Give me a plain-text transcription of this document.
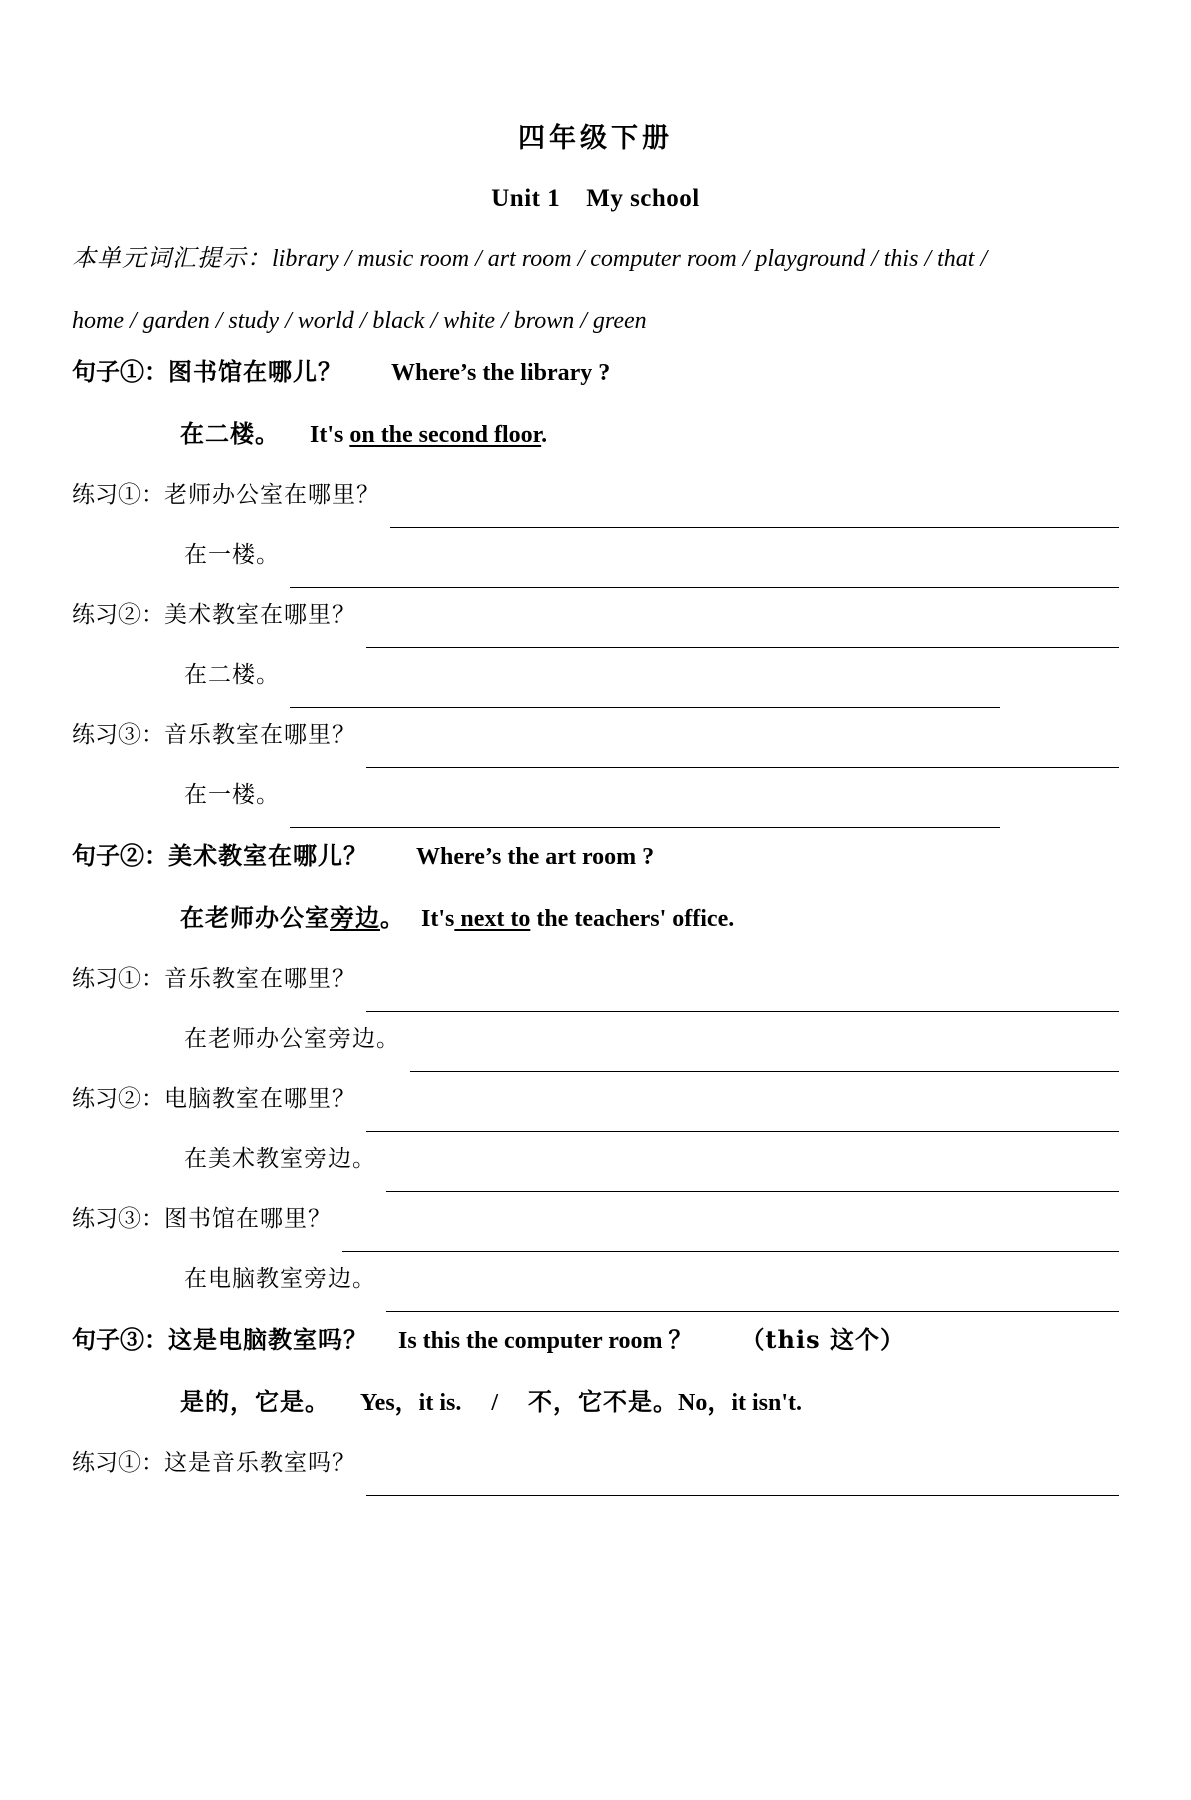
四年级下册
Unit 1 My school
本单元词汇提示：library / music room / art room / computer room / playground / this / that /
home / garden / study / world / black / white / brown / green
句子①： 图书馆在哪儿？ Where’s the library ?
在二楼。 It's on the second floor.
练习①： 老师办公室在哪里？
在一楼。
练习②： 美术教室在哪里？
在二楼。
练习③： 音乐教室在哪里？
在一楼。
句子②： 美术教室在哪儿？ Where’s the art room ?
在老师办公室旁边。 It's next to the teachers' office.
练习①： 音乐教室在哪里？
在老师办公室旁边。
练习②： 电脑教室在哪里？
在美术教室旁边。
练习③： 图书馆在哪里？
在电脑教室旁边。
句子③： 这是电脑教室吗？ Is this the computer room ？ （this 这个）
是的，它是。 Yes，it is. / 不，它不是。 No，it isn't.
练习①： 这是音乐教室吗？
